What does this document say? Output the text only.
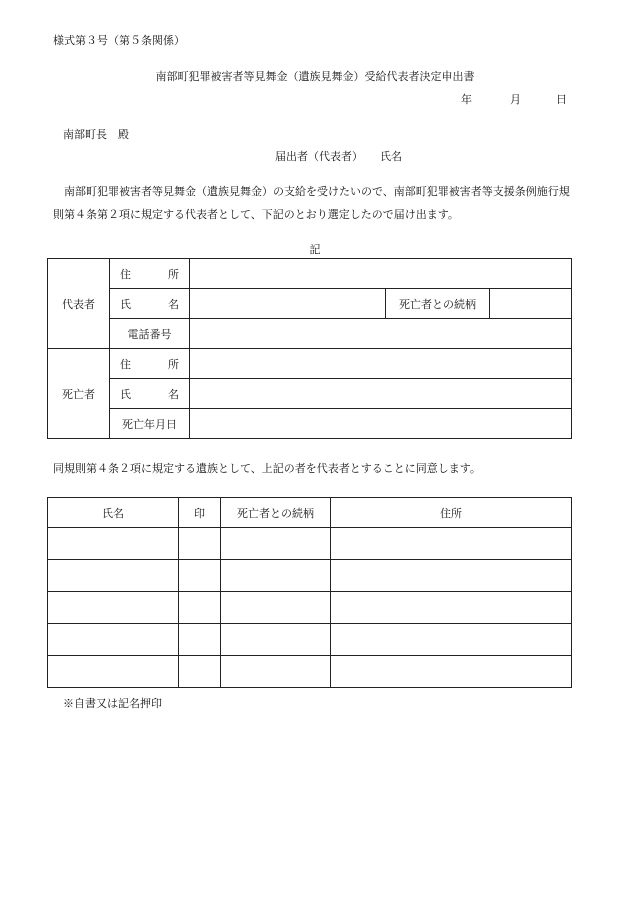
様式第３号（第５条関係）
南部町犯罪被害者等見舞金（遺族見舞金）受給代表者決定申出書
年	月	日
南部町長　殿
届出者（代表者） 氏名
南部町犯罪被害者等見舞金（遺族見舞金）の支給を受けたいので、南部町犯罪被害者等支援条例施行規則第４条第２項に規定する代表者として、下記のとおり選定したので届け出ます。
記
代表者	住 所			

	氏 名		死亡者との続柄	
	電話番号			
死亡者	住 所			

	氏 名			

	死亡年月日			
同規則第４条２項に規定する遺族として、上記の者を代表者とすることに同意します。
氏名	印	死亡者との続柄	住所

※自書又は記名押印
